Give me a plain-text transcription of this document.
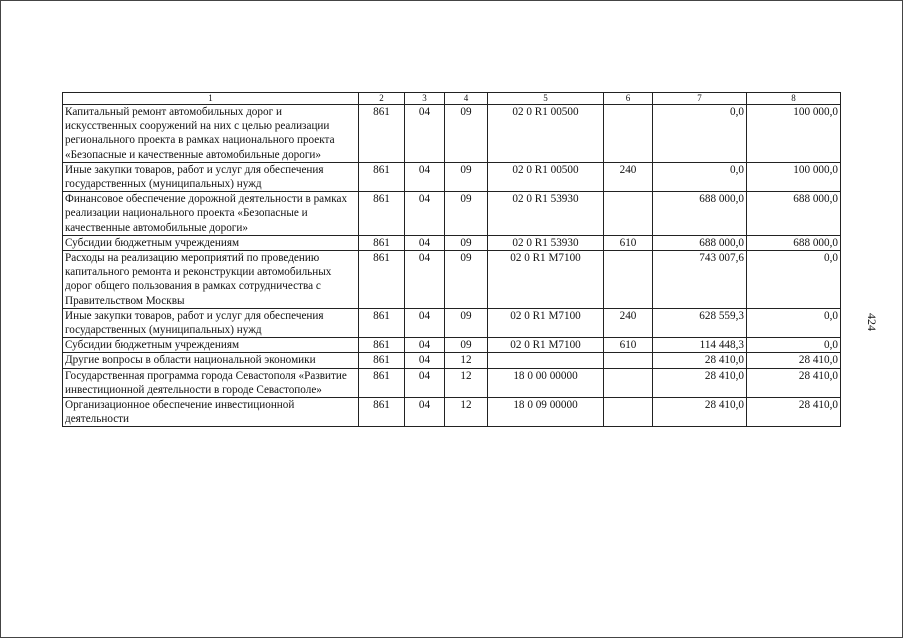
424
1	2	3	4	5	6	7	8
Капитальный ремонт автомобильных дорог и искусственных сооружений на них с целью реализации регионального проекта в рамках национального проекта «Безопасные и качественные автомобильные дороги»	861	04	09	02 0 R1 00500		0,0	100 000,0
Иные закупки товаров, работ и услуг для обеспечения государственных (муниципальных) нужд	861	04	09	02 0 R1 00500	240	0,0	100 000,0
Финансовое обеспечение дорожной деятельности в рамках реализации национального проекта «Безопасные и качественные автомобильные дороги»	861	04	09	02 0 R1 53930		688 000,0	688 000,0
Субсидии бюджетным учреждениям	861	04	09	02 0 R1 53930	610	688 000,0	688 000,0
Расходы на реализацию мероприятий по проведению капитального ремонта и реконструкции автомобильных дорог общего пользования в рамках сотрудничества с Правительством Москвы	861	04	09	02 0 R1 M7100		743 007,6	0,0
Иные закупки товаров, работ и услуг для обеспечения государственных (муниципальных) нужд	861	04	09	02 0 R1 M7100	240	628 559,3	0,0
Субсидии бюджетным учреждениям	861	04	09	02 0 R1 M7100	610	114 448,3	0,0
Другие вопросы в области национальной экономики	861	04	12			28 410,0	28 410,0
Государственная программа города Севастополя «Развитие инвестиционной деятельности в городе Севастополе»	861	04	12	18 0 00 00000		28 410,0	28 410,0
Организационное обеспечение инвестиционной деятельности	861	04	12	18 0 09 00000		28 410,0	28 410,0
